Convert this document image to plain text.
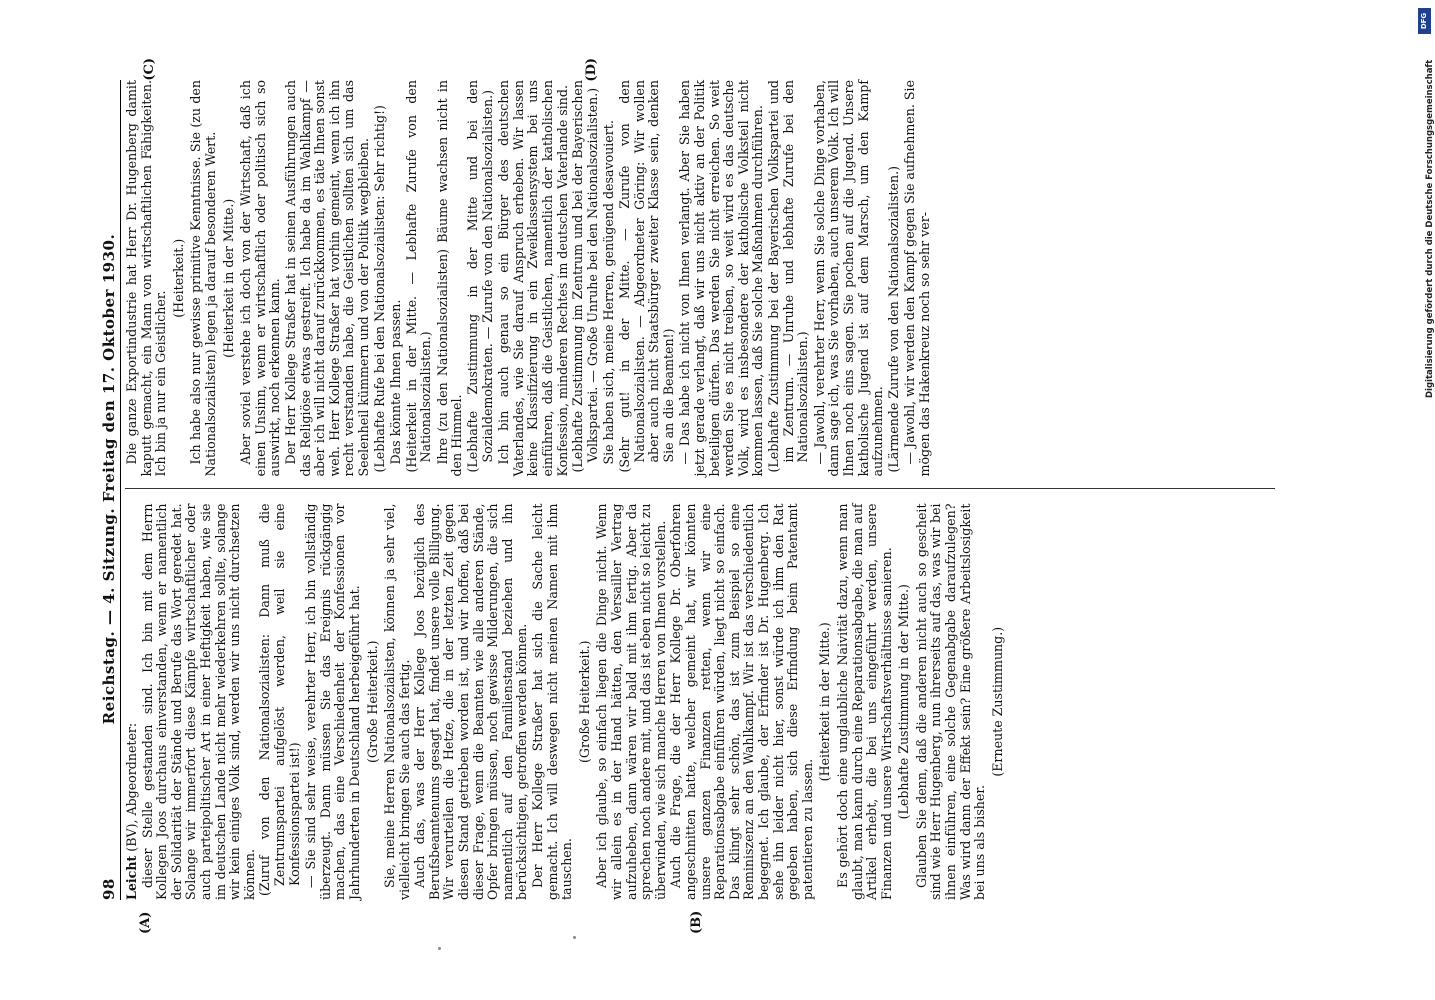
98
Reichstag. — 4. Sitzung. Freitag den 17. Oktober 1930.
(A)	(B)

Leicht (BV), Abgeordneter: dieser Stelle gestanden sind. Ich bin mit dem Herrn Kollegen Joos durchaus einverstanden, wenn er namentlich der Solidarität der Stände und Berufe das Wort geredet hat. Solange wir immerfort diese Kämpfe wirtschaftlicher oder auch parteipolitischer Art in einer Heftigkeit haben, wie sie im deutschen Lande nicht mehr wiederkehren sollte, solange wir kein einiges Volk sind, werden wir uns nicht durchsetzen können. (Zuruf von den Nationalsozialisten: Dann muß die Zentrumspartei aufgelöst werden, weil sie eine Konfessionspartei ist!) — Sie sind sehr weise, verehrter Herr, ich bin vollständig überzeugt. Dann müssen Sie das Ereignis rückgängig machen, das eine Verschiedenheit der Konfessionen vor Jahrhunderten in Deutschland herbeigeführt hat. (Große Heiterkeit.) Sie, meine Herren Nationalsozialisten, können ja sehr viel, vielleicht bringen Sie auch das fertig. Auch das, was der Herr Kollege Joos bezüglich des Berufsbeamtenums gesagt hat, findet unsere volle Billigung. Wir verurteilen die Hetze, die in der letzten Zeit gegen diesen Stand getrieben worden ist, und wir hoffen, daß bei dieser Frage, wenn die Beamten wie alle anderen Stände, Opfer bringen müssen, noch gewisse Milderungen, die sich namentlich auf den Familienstand beziehen und ihn berücksichtigen, getroffen werden können. Der Herr Kollege Straßer hat sich die Sache leicht gemacht. Ich will deswegen nicht meinen Namen mit ihm tauschen.

(Große Heiterkeit.) Aber ich glaube, so einfach liegen die Dinge nicht. Wenn wir allein es in der Hand hätten, den Versailler Vertrag aufzuheben, dann wären wir bald mit ihm fertig. Aber da sprechen noch andere mit, und das ist eben nicht so leicht zu überwinden, wie sich manche Herren von Ihnen vorstellen. Auch die Frage, die der Herr Kollege Dr. Oberfohren angeschnitten hatte, welcher gemeint hat, wir könnten unsere ganzen Finanzen retten, wenn wir eine Reparationsabgabe einführen würden, liegt nicht so einfach. Das klingt sehr schön, das ist zum Beispiel so eine Reminiszenz an den Wahlkampf. Wir ist das verschiedentlich begegnet. Ich glaube, der Erfinder ist Dr. Hugenberg. Ich sehe ihn leider nicht hier, sonst würde ich ihm den Rat gegeben haben, sich diese Erfindung beim Patentamt patentieren zu lassen.

(Heiterkeit in der Mitte.) Es gehört doch eine unglaubliche Naivität dazu, wenn man glaubt, man kann durch eine Reparationsabgabe, die man auf Artikel erhebt, die bei uns eingeführt werden, unsere Finanzen und unsere Wirtschaftsverhältnisse sanieren. (Lebhafte Zustimmung in der Mitte.) Glauben Sie denn, daß die anderen nicht auch so gescheit sind wie Herr Hugenberg, nun ihrerseits auf das, was wir bei ihnen einführen, eine solche Gegenabgabe daraufzulegen? Was wird dann der Effekt sein? Eine größere Arbeitslosigkeit bei uns als bisher.

(Erneute Zustimmung.)

(C)	(D)

Die ganze Exportindustrie hat Herr Dr. Hugenberg damit kaputt gemacht, ein Mann von wirtschaftlichen Fähigkeiten. Ich bin ja nur ein Geistlicher.

(Heiterkeit.) Ich habe also nur gewisse primitive Kenntnisse. Sie (zu den Nationalsozialisten) legen ja darauf besonderen Wert. (Heiterkeit in der Mitte.) Aber soviel verstehe ich doch von der Wirtschaft, daß ich einen Unsinn, wenn er wirtschaftlich oder politisch sich so auswirkt, noch erkennen kann. Der Herr Kollege Straßer hat in seinen Ausführungen auch das Religiöse etwas gestreift. Ich habe da im Wahlkampf — aber ich will nicht darauf zurückkommen, es täte Ihnen sonst weh. Herr Kollege Straßer hat vorhin gemeint, wenn ich ihn recht verstanden habe, die Geistlichen sollten sich um das Seelenheil kümmern und von der Politik wegbleiben. (Lebhafte Rufe bei den Nationalsozialisten: Sehr richtig!) Das könnte Ihnen passen. (Heiterkeit in der Mitte. — Lebhafte Zurufe von den Nationalsozialisten.) Ihre (zu den Nationalsozialisten) Bäume wachsen nicht in den Himmel. (Lebhafte Zustimmung in der Mitte und bei den Sozialdemokraten. — Zurufe von den Nationalsozialisten.) Ich bin auch genau so ein Bürger des deutschen Vaterlandes, wie Sie darauf Anspruch erheben. Wir lassen keine Klassifizierung in ein Zweiklassensystem bei uns einführen, daß die Geistlichen, namentlich der katholischen Konfession, minderen Rechtes im deutschen Vaterlande sind. (Lebhafte Zustimmung im Zentrum und bei der Bayerischen Volkspartei. — Große Unruhe bei den Nationalsozialisten.) Sie haben sich, meine Herren, genügend desavouiert. (Sehr gut! in der Mitte. — Zurufe von den Nationalsozialisten. — Abgeordneter Göring: Wir wollen aber auch nicht Staatsbürger zweiter Klasse sein, denken Sie an die Beamten!) — Das habe ich nicht von Ihnen verlangt. Aber Sie haben jetzt gerade verlangt, daß wir uns nicht aktiv an der Politik beteiligen dürfen. Das werden Sie nicht erreichen. So weit werden Sie es nicht treiben, so weit wird es das deutsche Volk, wird es insbesondere der katholische Volksteil nicht kommen lassen, daß Sie solche Maßnahmen durchführen. (Lebhafte Zustimmung bei der Bayerischen Volkspartei und im Zentrum. — Unruhe und lebhafte Zurufe bei den Nationalsozialisten.) — Jawohl, verehrter Herr, wenn Sie solche Dinge vorhaben, dann sage ich, was Sie vorhaben, auch unserem Volk. Ich will Ihnen noch eins sagen. Sie pochen auf die Jugend. Unsere katholische Jugend ist auf dem Marsch, um den Kampf aufzunehmen. (Lärmende Zurufe von den Nationalsozialisten.) — Jawohl, wir werden den Kampf gegen Sie aufnehmen. Sie mögen das Hakenkreuz noch so sehr ver-

DFG
Digitalisierung gefördert durch die Deutsche Forschungsgemeinschaft
